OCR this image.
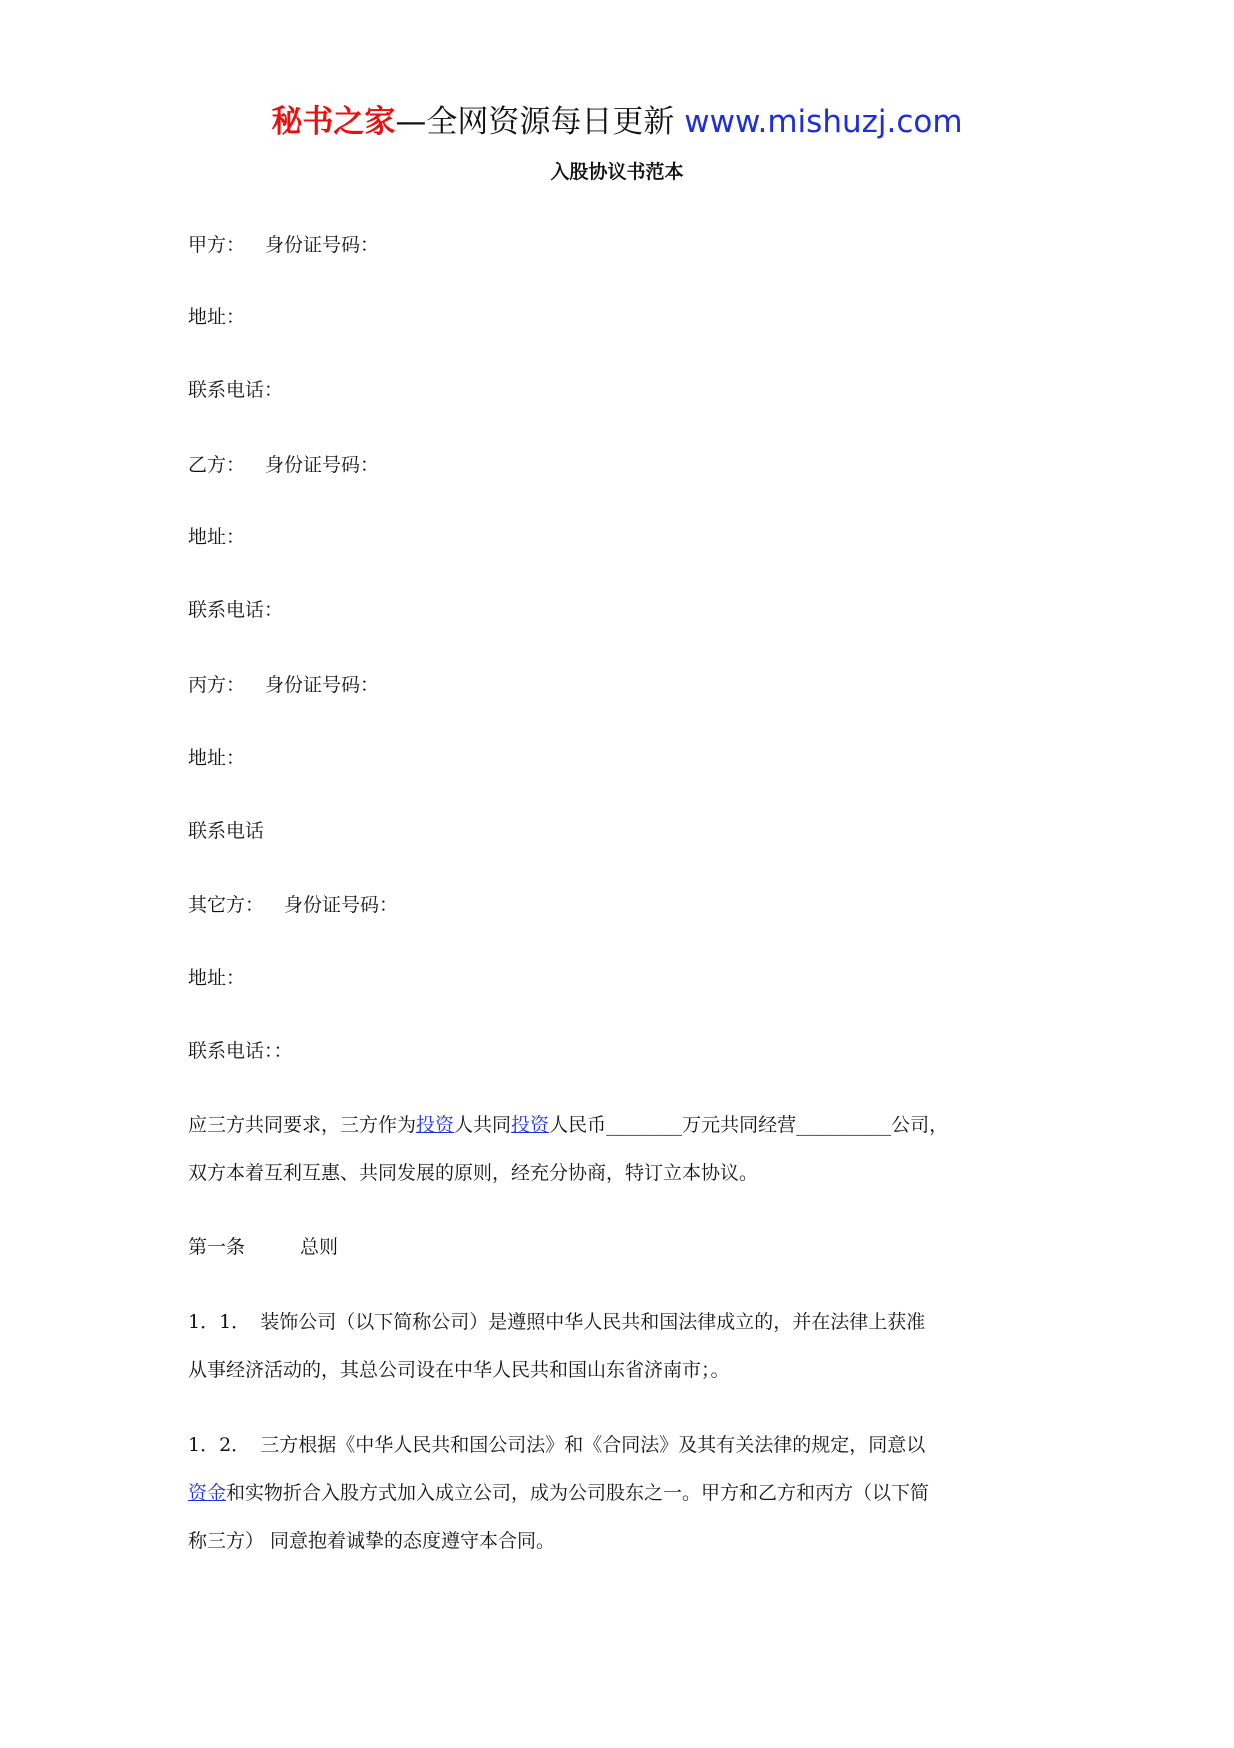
秘书之家—全网资源每日更新 www.mishuzj.com
入股协议书范本
甲方： 身份证号码：
地址：
联系电话：
乙方： 身份证号码：
地址：
联系电话：
丙方： 身份证号码：
地址：
联系电话
其它方： 身份证号码：
地址：
联系电话：：
应三方共同要求，三方作为投资人共同投资人民币________万元共同经营__________公司，
双方本着互利互惠、共同发展的原则，经充分协商，特订立本协议。
第一条	总则
1．1． 装饰公司（以下简称公司）是遵照中华人民共和国法律成立的，并在法律上获准
从事经济活动的，其总公司设在中华人民共和国山东省济南市；。
1．2． 三方根据《中华人民共和国公司法》和《合同法》及其有关法律的规定，同意以
资金和实物折合入股方式加入成立公司，成为公司股东之一。甲方和乙方和丙方（以下简
称三方） 同意抱着诚挚的态度遵守本合同。
